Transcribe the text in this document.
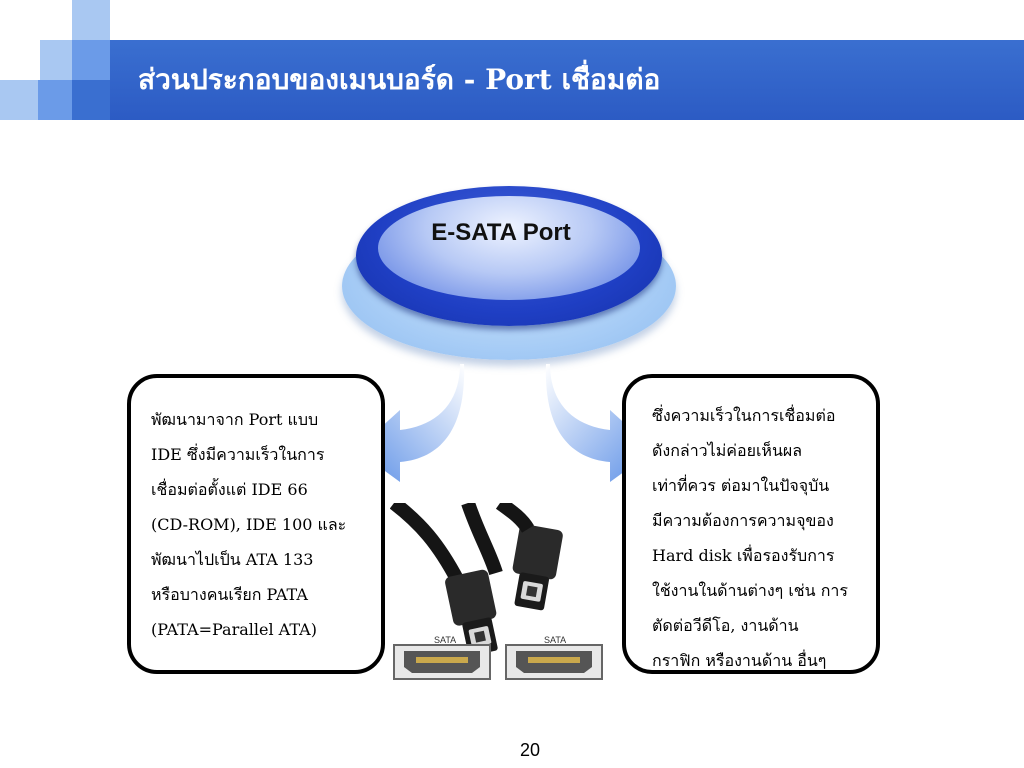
ส่วนประกอบของเมนบอร์ด - Port เชื่อมต่อ
E-SATA Port
พัฒนามาจาก Port แบบ
IDE ซึ่งมีความเร็วในการ
เชื่อมต่อตั้งแต่ IDE 66
(CD-ROM), IDE 100 และ
พัฒนาไปเป็น ATA 133
หรือบางคนเรียก PATA
(PATA=Parallel ATA)
ซึ่งความเร็วในการเชื่อมต่อ
ดังกล่าวไม่ค่อยเห็นผล
เท่าที่ควร ต่อมาในปัจจุบัน
มีความต้องการความจุของ
Hard disk เพื่อรองรับการ
ใช้งานในด้านต่างๆ เช่น การ
ตัดต่อวีดีโอ, งานด้าน
กราฟิก หรืองานด้าน อื่นๆ
SATA	SATA
20
